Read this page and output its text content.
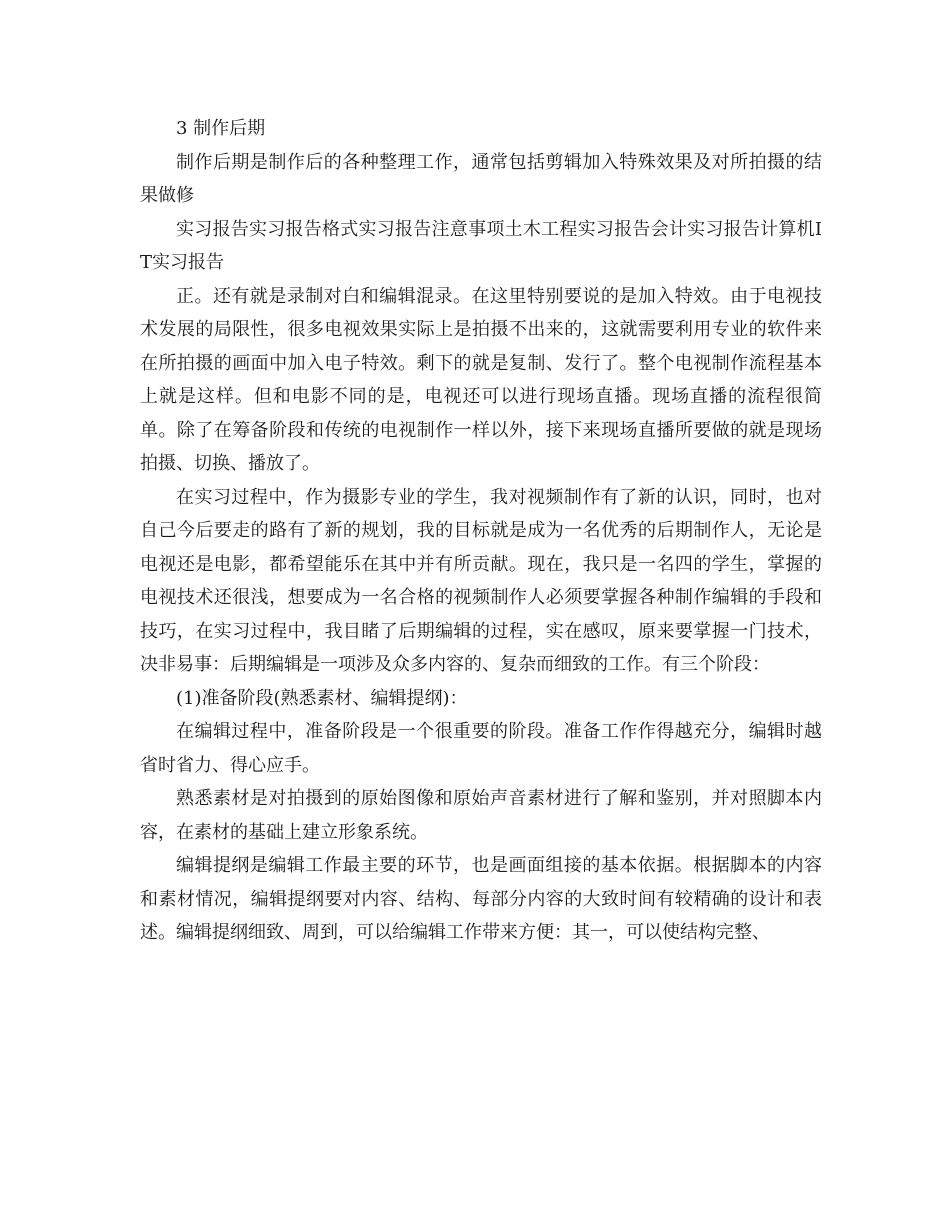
3 制作后期

制作后期是制作后的各种整理工作，通常包括剪辑加入特殊效果及对所拍摄的结果做修

实习报告实习报告格式实习报告注意事项土木工程实习报告会计实习报告计算机IT实习报告

正。还有就是录制对白和编辑混录。在这里特别要说的是加入特效。由于电视技术发展的局限性，很多电视效果实际上是拍摄不出来的，这就需要利用专业的软件来在所拍摄的画面中加入电子特效。剩下的就是复制、发行了。整个电视制作流程基本上就是这样。但和电影不同的是，电视还可以进行现场直播。现场直播的流程很简单。除了在筹备阶段和传统的电视制作一样以外，接下来现场直播所要做的就是现场拍摄、切换、播放了。

在实习过程中，作为摄影专业的学生，我对视频制作有了新的认识，同时，也对自己今后要走的路有了新的规划，我的目标就是成为一名优秀的后期制作人，无论是电视还是电影，都希望能乐在其中并有所贡献。现在，我只是一名四的学生，掌握的电视技术还很浅，想要成为一名合格的视频制作人必须要掌握各种制作编辑的手段和技巧，在实习过程中，我目睹了后期编辑的过程，实在感叹，原来要掌握一门技术，决非易事：后期编辑是一项涉及众多内容的、复杂而细致的工作。有三个阶段：

(1)准备阶段(熟悉素材、编辑提纲)：

在编辑过程中，准备阶段是一个很重要的阶段。准备工作作得越充分，编辑时越省时省力、得心应手。

熟悉素材是对拍摄到的原始图像和原始声音素材进行了解和鉴别，并对照脚本内容，在素材的基础上建立形象系统。

编辑提纲是编辑工作最主要的环节，也是画面组接的基本依据。根据脚本的内容和素材情况，编辑提纲要对内容、结构、每部分内容的大致时间有较精确的设计和表述。编辑提纲细致、周到，可以给编辑工作带来方便：其一，可以使结构完整、
